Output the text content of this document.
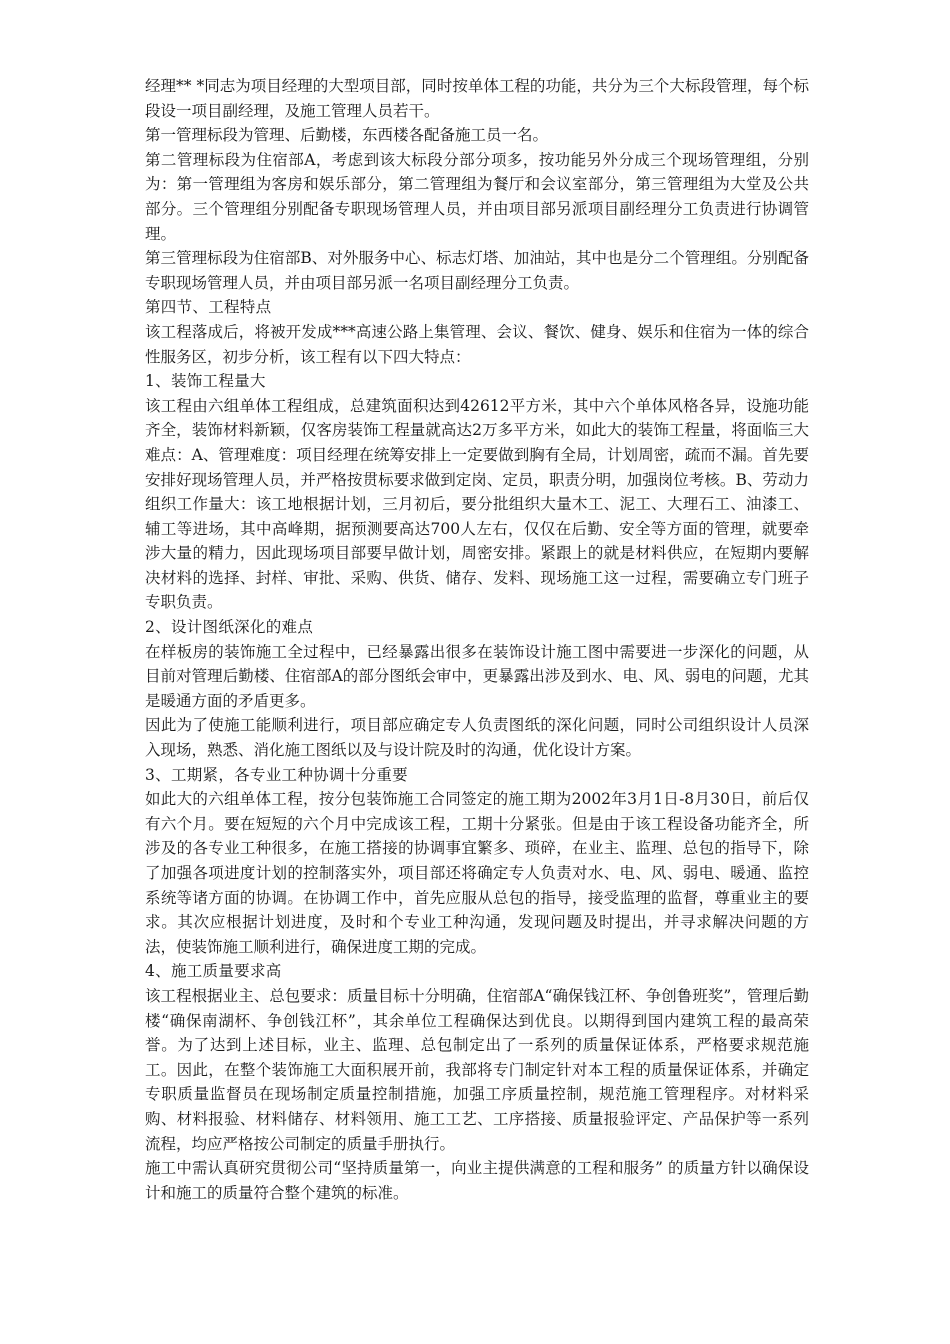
经理** *同志为项目经理的大型项目部，同时按单体工程的功能，共分为三个大标段管理，每个标段设一项目副经理，及施工管理人员若干。

第一管理标段为管理、后勤楼，东西楼各配备施工员一名。

第二管理标段为住宿部A，考虑到该大标段分部分项多，按功能另外分成三个现场管理组，分别为：第一管理组为客房和娱乐部分，第二管理组为餐厅和会议室部分，第三管理组为大堂及公共部分。三个管理组分别配备专职现场管理人员，并由项目部另派项目副经理分工负责进行协调管理。

第三管理标段为住宿部B、对外服务中心、标志灯塔、加油站，其中也是分二个管理组。分别配备专职现场管理人员，并由项目部另派一名项目副经理分工负责。

第四节、工程特点

该工程落成后，将被开发成***高速公路上集管理、会议、餐饮、健身、娱乐和住宿为一体的综合性服务区，初步分析，该工程有以下四大特点：

1、装饰工程量大

该工程由六组单体工程组成，总建筑面积达到42612平方米，其中六个单体风格各异，设施功能齐全，装饰材料新颖，仅客房装饰工程量就高达2万多平方米，如此大的装饰工程量，将面临三大难点：A、管理难度：项目经理在统筹安排上一定要做到胸有全局，计划周密，疏而不漏。首先要安排好现场管理人员，并严格按贯标要求做到定岗、定员，职责分明，加强岗位考核。B、劳动力组织工作量大：该工地根据计划，三月初后，要分批组织大量木工、泥工、大理石工、油漆工、辅工等进场，其中高峰期，据预测要高达700人左右，仅仅在后勤、安全等方面的管理，就要牵涉大量的精力，因此现场项目部要早做计划，周密安排。紧跟上的就是材料供应，在短期内要解决材料的选择、封样、审批、采购、供货、储存、发料、现场施工这一过程，需要确立专门班子专职负责。

2、设计图纸深化的难点

在样板房的装饰施工全过程中，已经暴露出很多在装饰设计施工图中需要进一步深化的问题，从目前对管理后勤楼、住宿部A的部分图纸会审中，更暴露出涉及到水、电、风、弱电的问题，尤其是暖通方面的矛盾更多。

因此为了使施工能顺利进行，项目部应确定专人负责图纸的深化问题，同时公司组织设计人员深入现场，熟悉、消化施工图纸以及与设计院及时的沟通，优化设计方案。

3、工期紧，各专业工种协调十分重要

如此大的六组单体工程，按分包装饰施工合同签定的施工期为2002年3月1日-8月30日，前后仅有六个月。要在短短的六个月中完成该工程，工期十分紧张。但是由于该工程设备功能齐全，所涉及的各专业工种很多，在施工搭接的协调事宜繁多、琐碎，在业主、监理、总包的指导下，除了加强各项进度计划的控制落实外，项目部还将确定专人负责对水、电、风、弱电、暖通、监控系统等诸方面的协调。在协调工作中，首先应服从总包的指导，接受监理的监督，尊重业主的要求。其次应根据计划进度，及时和个专业工种沟通，发现问题及时提出，并寻求解决问题的方法，使装饰施工顺利进行，确保进度工期的完成。

4、施工质量要求高

该工程根据业主、总包要求：质量目标十分明确，住宿部A“确保钱江杯、争创鲁班奖”，管理后勤楼“确保南湖杯、争创钱江杯”，其余单位工程确保达到优良。以期得到国内建筑工程的最高荣誉。为了达到上述目标，业主、监理、总包制定出了一系列的质量保证体系，严格要求规范施工。因此，在整个装饰施工大面积展开前，我部将专门制定针对本工程的质量保证体系，并确定专职质量监督员在现场制定质量控制措施，加强工序质量控制，规范施工管理程序。对材料采购、材料报验、材料储存、材料领用、施工工艺、工序搭接、质量报验评定、产品保护等一系列流程，均应严格按公司制定的质量手册执行。

施工中需认真研究贯彻公司“坚持质量第一，向业主提供满意的工程和服务” 的质量方针以确保设计和施工的质量符合整个建筑的标准。
